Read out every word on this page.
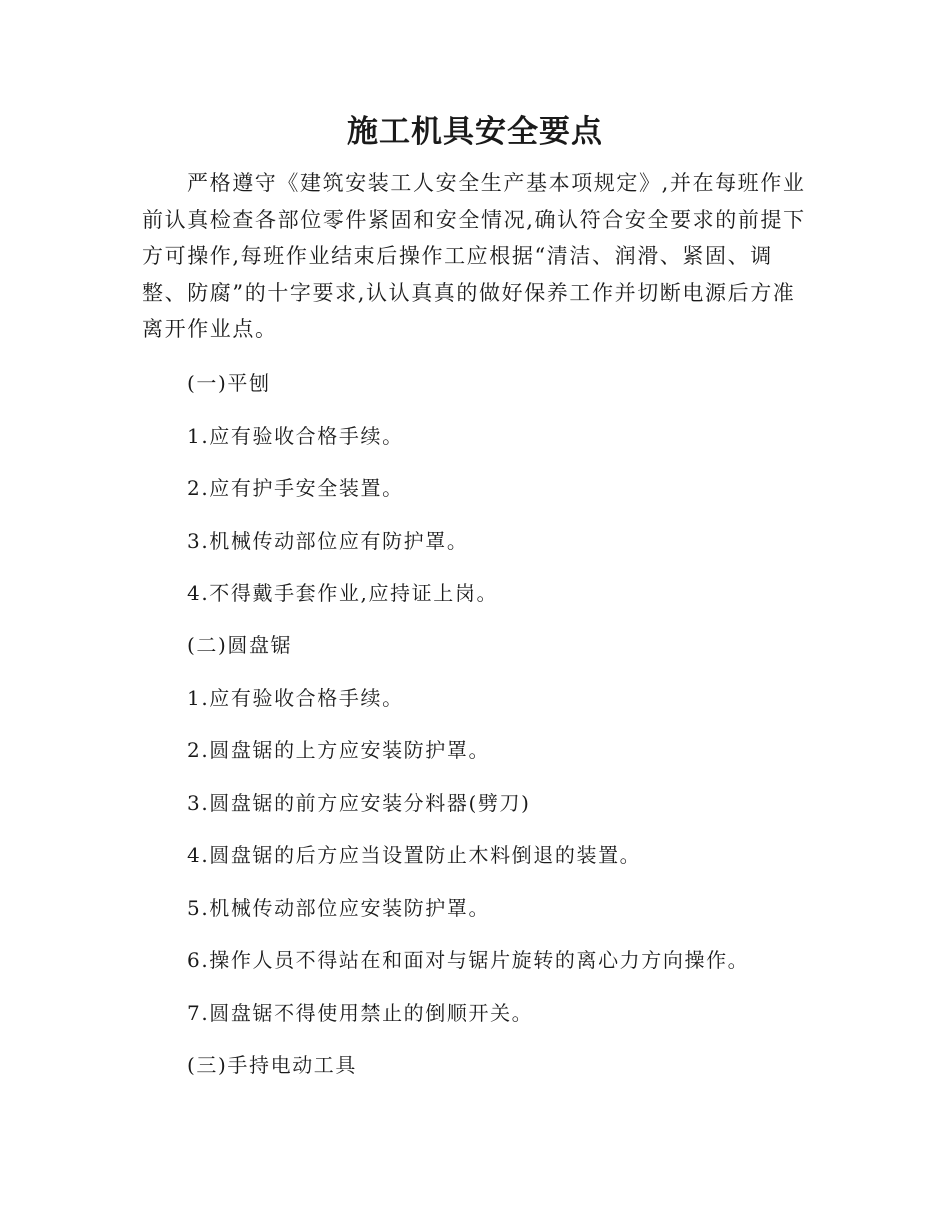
施工机具安全要点

严格遵守《建筑安装工人安全生产基本项规定》,并在每班作业前认真检查各部位零件紧固和安全情况,确认符合安全要求的前提下方可操作,每班作业结束后操作工应根据“清洁、润滑、紧固、调整、防腐”的十字要求,认认真真的做好保养工作并切断电源后方准离开作业点。

(一)平刨

1.应有验收合格手续。

2.应有护手安全装置。

3.机械传动部位应有防护罩。

4.不得戴手套作业,应持证上岗。

(二)圆盘锯

1.应有验收合格手续。

2.圆盘锯的上方应安装防护罩。

3.圆盘锯的前方应安装分料器(劈刀)

4.圆盘锯的后方应当设置防止木料倒退的装置。

5.机械传动部位应安装防护罩。

6.操作人员不得站在和面对与锯片旋转的离心力方向操作。

7.圆盘锯不得使用禁止的倒顺开关。

(三)手持电动工具
